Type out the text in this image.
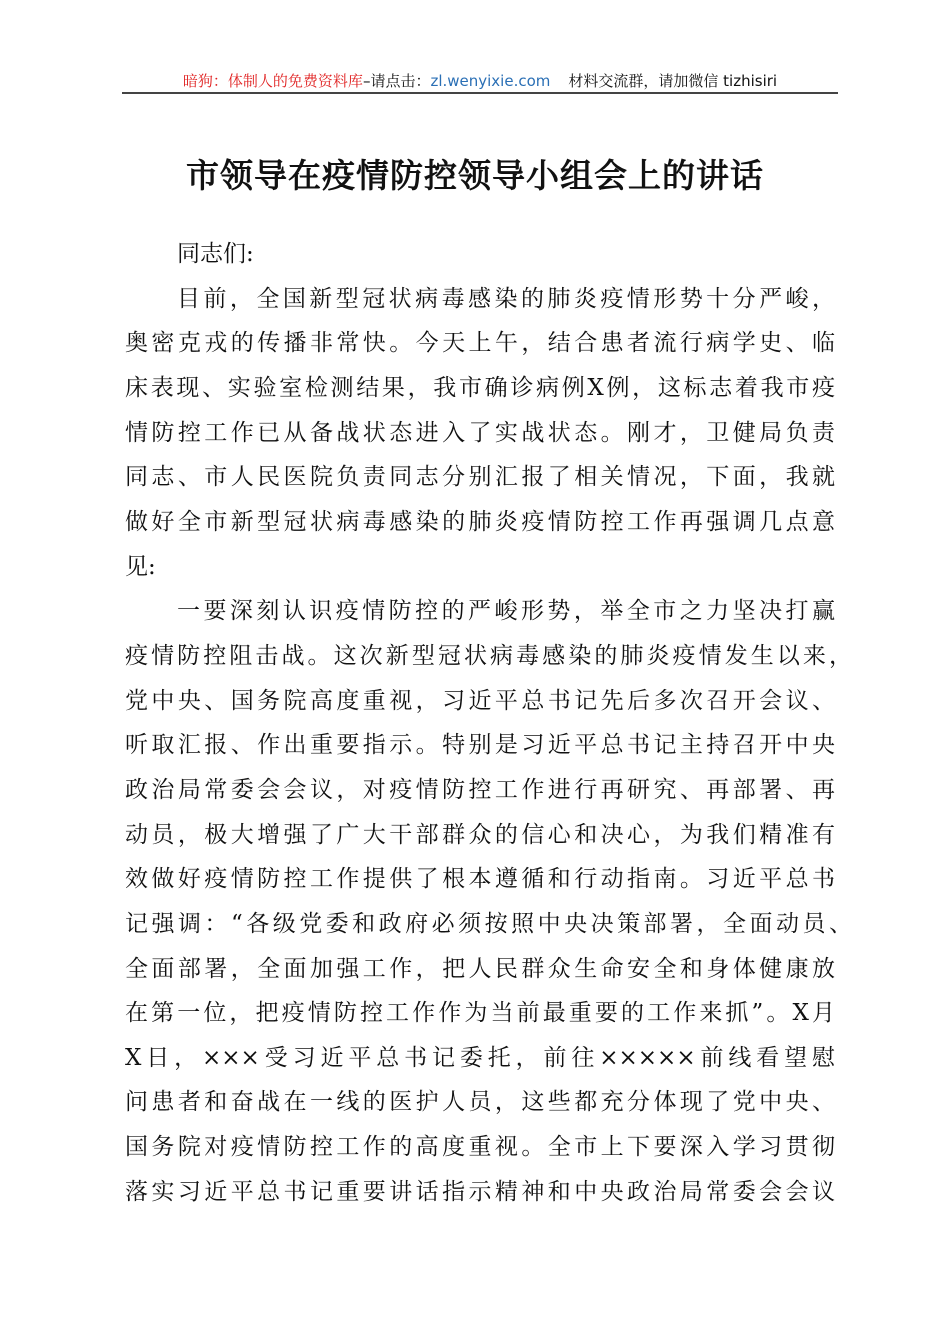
暗狗：体制人的免费资料库–请点击：zl.wenyixie.com 材料交流群，请加微信 tizhisiri
市领导在疫情防控领导小组会上的讲话
同志们:
目前，全国新型冠状病毒感染的肺炎疫情形势十分严峻，
奥密克戎的传播非常快。今天上午，结合患者流行病学史、临
床表现、实验室检测结果，我市确诊病例X例，这标志着我市疫
情防控工作已从备战状态进入了实战状态。刚才，卫健局负责
同志、市人民医院负责同志分别汇报了相关情况，下面，我就
做好全市新型冠状病毒感染的肺炎疫情防控工作再强调几点意
见:
一要深刻认识疫情防控的严峻形势，举全市之力坚决打赢
疫情防控阻击战。这次新型冠状病毒感染的肺炎疫情发生以来，
党中央、国务院高度重视，习近平总书记先后多次召开会议、
听取汇报、作出重要指示。特别是习近平总书记主持召开中央
政治局常委会会议，对疫情防控工作进行再研究、再部署、再
动员，极大增强了广大干部群众的信心和决心，为我们精准有
效做好疫情防控工作提供了根本遵循和行动指南。习近平总书
记强调：“各级党委和政府必须按照中央决策部署，全面动员、
全面部署，全面加强工作，把人民群众生命安全和身体健康放
在第一位，把疫情防控工作作为当前最重要的工作来抓”。X月
X日，×××受习近平总书记委托，前往×××××前线看望慰
问患者和奋战在一线的医护人员，这些都充分体现了党中央、
国务院对疫情防控工作的高度重视。全市上下要深入学习贯彻
落实习近平总书记重要讲话指示精神和中央政治局常委会会议
